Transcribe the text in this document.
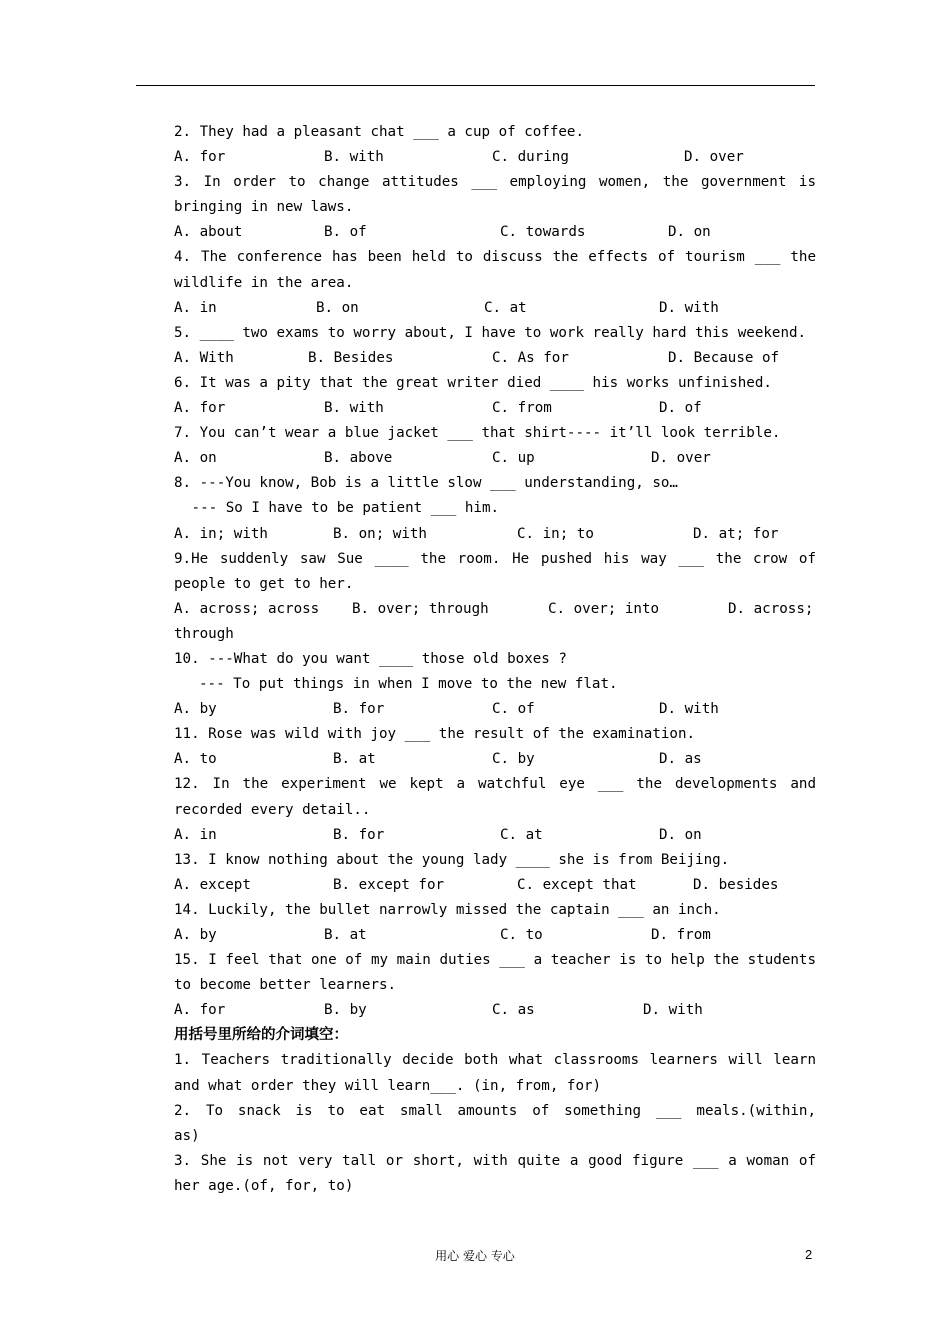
2. They had a pleasant chat ___ a cup of coffee.

A. for

	B. with

	C. during

	D. over

3. In order to change attitudes ___ employing women, the government is
bringing in new laws.

A. about

	B. of

	C. towards

	D. on

4. The conference has been held to discuss the effects of tourism ___ the
wildlife in the area.

A. in

	B. on

	C. at

	D. with

5. ____ two exams to worry about, I have to work really hard this weekend.

A. With

	B. Besides

	C. As for

	D. Because of

6. It was a pity that the great writer died ____ his works unfinished.

A. for

	B. with

	C. from

	D. of

7. You can’t wear a blue jacket ___ that shirt---- it’ll look terrible.

A. on

	B. above

	C. up

	D. over

8. ---You know, Bob is a little slow ___ understanding, so…
--- So I have to be patient ___ him.

A. in; with

	B. on; with

	C. in; to

	D. at; for

9.He suddenly saw Sue ____ the room. He pushed his way ___ the crow of
people to get to her.

A. across; across

B. over; through

	C. over; into

	D. across;

through
10. ---What do you want ____ those old boxes ?
--- To put things in when I move to the new flat.

A. by

	B. for

	C. of

	D. with

11. Rose was wild with joy ___ the result of the examination.

A. to

	B. at

	C. by

	D. as

12. In the experiment we kept a watchful eye ___ the developments and
recorded every detail..

A. in

	B. for

	C. at

	D. on

13. I know nothing about the young lady ____ she is from Beijing.

A. except

	B. except for

	C. except that

	D. besides

14. Luckily, the bullet narrowly missed the captain ___ an inch.

A. by

	B. at

	C. to

	D. from

15. I feel that one of my main duties ___ a teacher is to help the students
to become better learners.

A. for

	B. by

	C. as

	D. with

用括号里所给的介词填空：
1. Teachers traditionally decide both what classrooms learners will learn
and what order they will learn___. (in, from, for)
2. To snack is to eat small amounts of something ___ meals.(within,
as)
3. She is not very tall or short, with quite a good figure ___ a woman of
her age.(of, for, to)
用心 爱心 专心	2
